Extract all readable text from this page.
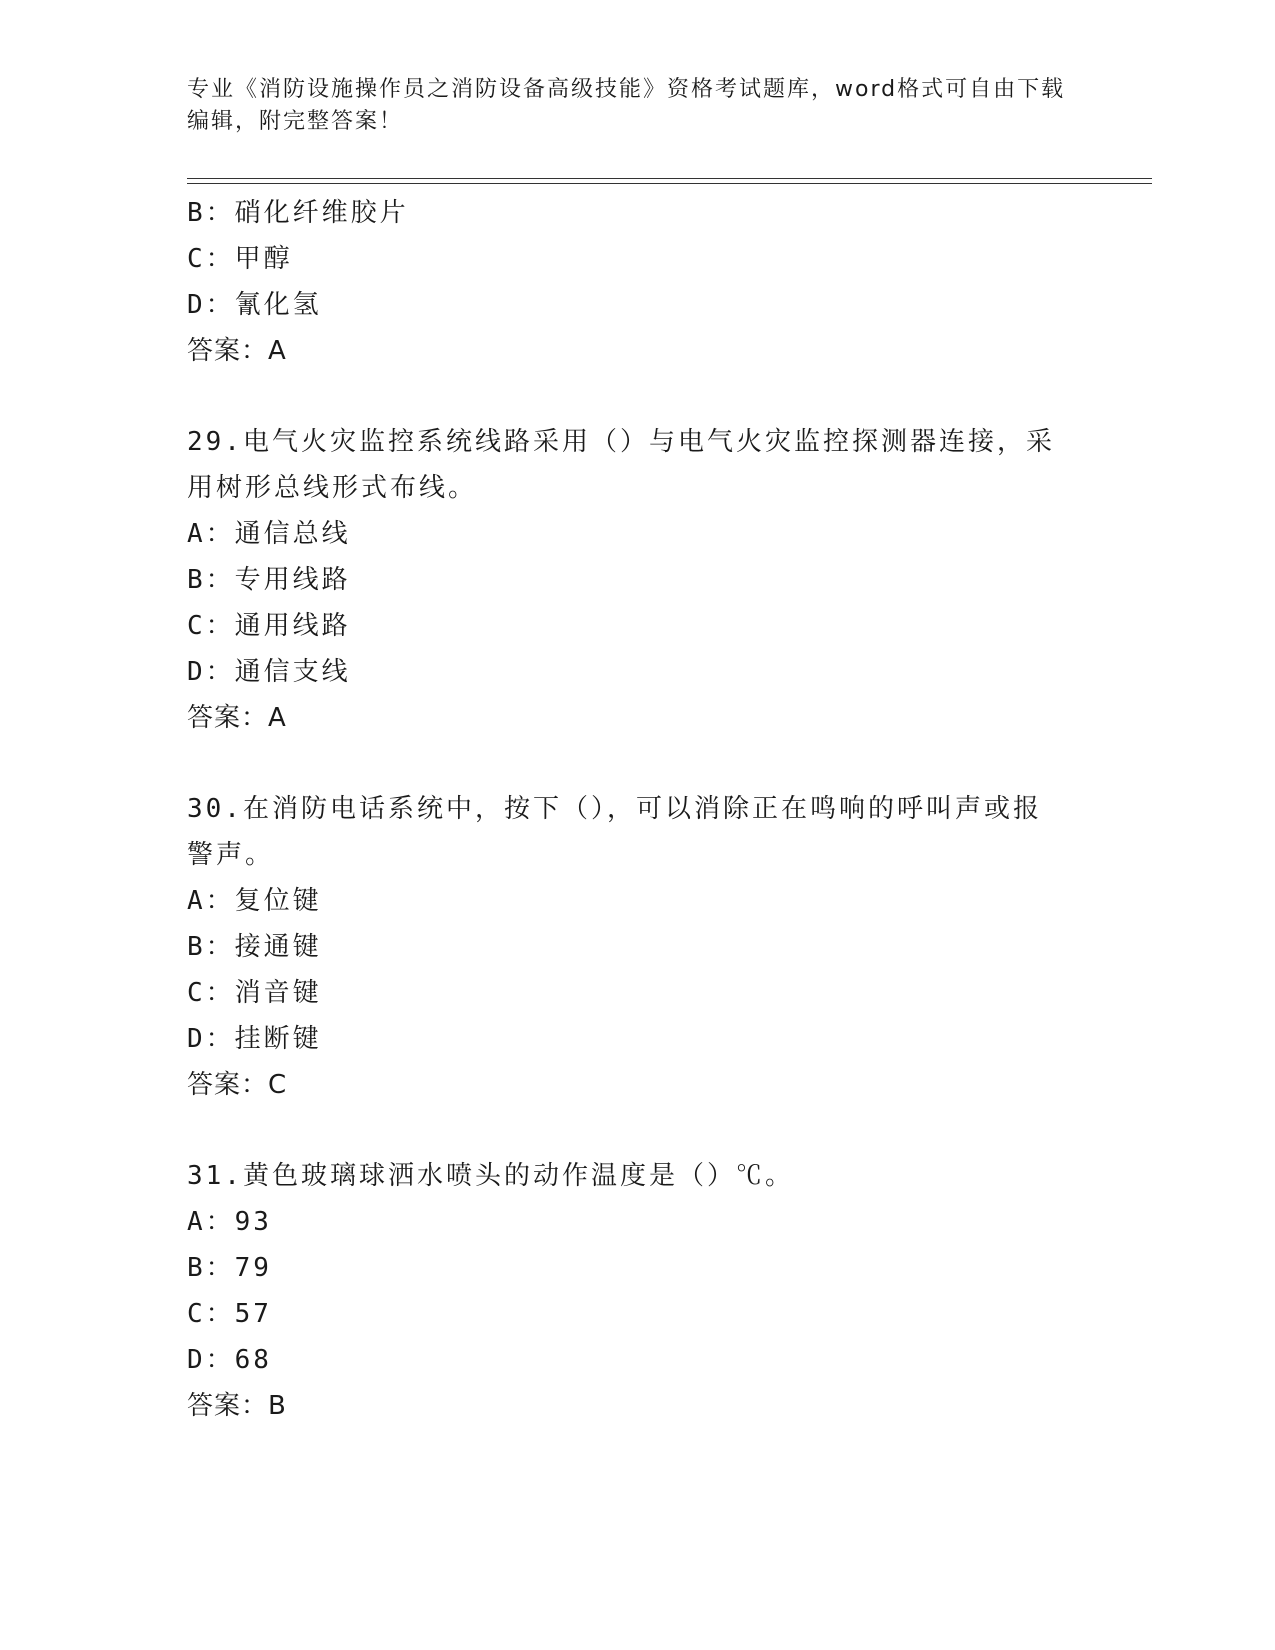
专业《消防设施操作员之消防设备高级技能》资格考试题库，word格式可自由下载编辑，附完整答案！
B：硝化纤维胶片
C：甲醇
D：氰化氢
答案：A
29.电气火灾监控系统线路采用（）与电气火灾监控探测器连接，采用树形总线形式布线。
A：通信总线
B：专用线路
C：通用线路
D：通信支线
答案：A
30.在消防电话系统中，按下（），可以消除正在鸣响的呼叫声或报警声。
A：复位键
B：接通键
C：消音键
D：挂断键
答案：C
31.黄色玻璃球洒水喷头的动作温度是（）℃。
A：93
B：79
C：57
D：68
答案：B
